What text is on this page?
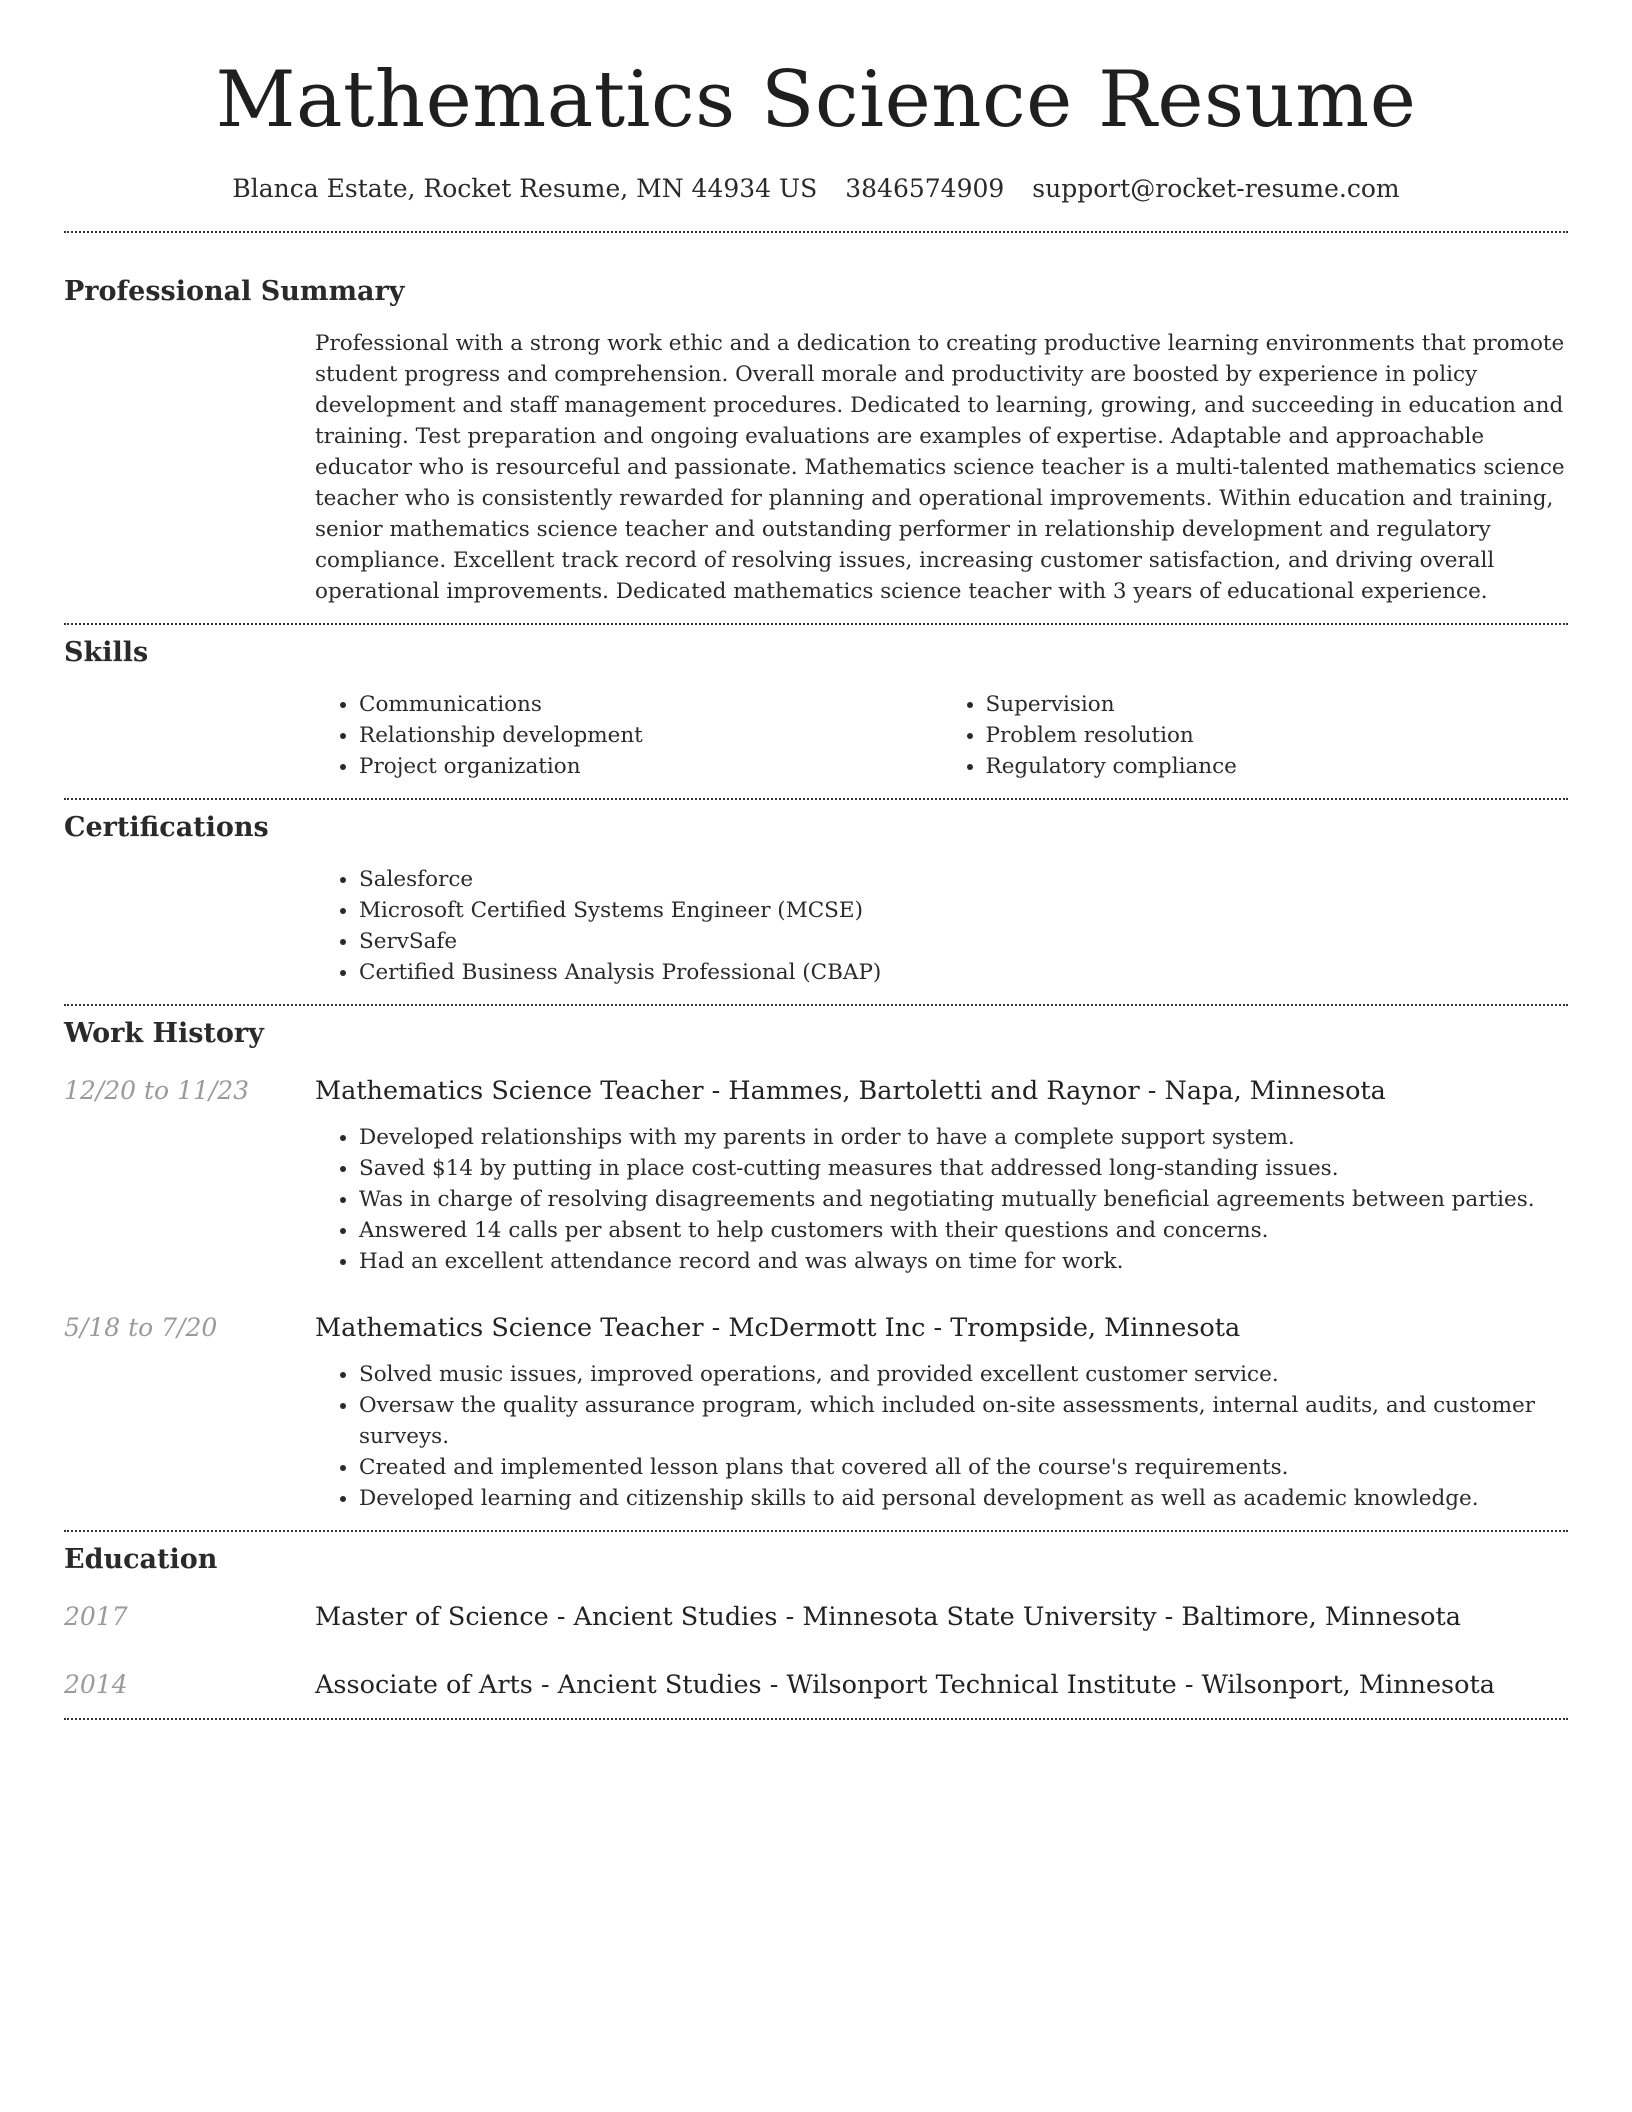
Mathematics Science Resume
Blanca Estate, Rocket Resume, MN 44934 US 3846574909 support@rocket-resume.com
Professional Summary

Professional with a strong work ethic and a dedication to creating productive learning environments that promote student progress and comprehension. Overall morale and productivity are boosted by experience in policy development and staff management procedures. Dedicated to learning, growing, and succeeding in education and training. Test preparation and ongoing evaluations are examples of expertise. Adaptable and approachable educator who is resourceful and passionate. Mathematics science teacher is a multi-talented mathematics science teacher who is consistently rewarded for planning and operational improvements. Within education and training, senior mathematics science teacher and outstanding performer in relationship development and regulatory compliance. Excellent track record of resolving issues, increasing customer satisfaction, and driving overall operational improvements. Dedicated mathematics science teacher with 3 years of educational experience.

Skills
• Communications
• Relationship development
• Project organization
• Supervision
• Problem resolution
• Regulatory compliance
Certifications
• Salesforce
• Microsoft Certified Systems Engineer (MCSE)
• ServSafe
• Certified Business Analysis Professional (CBAP)
Work History
12/20 to 11/23	Mathematics Science Teacher - Hammes, Bartoletti and Raynor - Napa, Minnesota
• Developed relationships with my parents in order to have a complete support system.
• Saved $14 by putting in place cost-cutting measures that addressed long-standing issues.
• Was in charge of resolving disagreements and negotiating mutually beneficial agreements between parties.
• Answered 14 calls per absent to help customers with their questions and concerns.
• Had an excellent attendance record and was always on time for work.
5/18 to 7/20	Mathematics Science Teacher - McDermott Inc - Trompside, Minnesota
• Solved music issues, improved operations, and provided excellent customer service.
• Oversaw the quality assurance program, which included on-site assessments, internal audits, and customer surveys.
• Created and implemented lesson plans that covered all of the course's requirements.
• Developed learning and citizenship skills to aid personal development as well as academic knowledge.
Education
2017	Master of Science - Ancient Studies - Minnesota State University - Baltimore, Minnesota
2014	Associate of Arts - Ancient Studies - Wilsonport Technical Institute - Wilsonport, Minnesota
